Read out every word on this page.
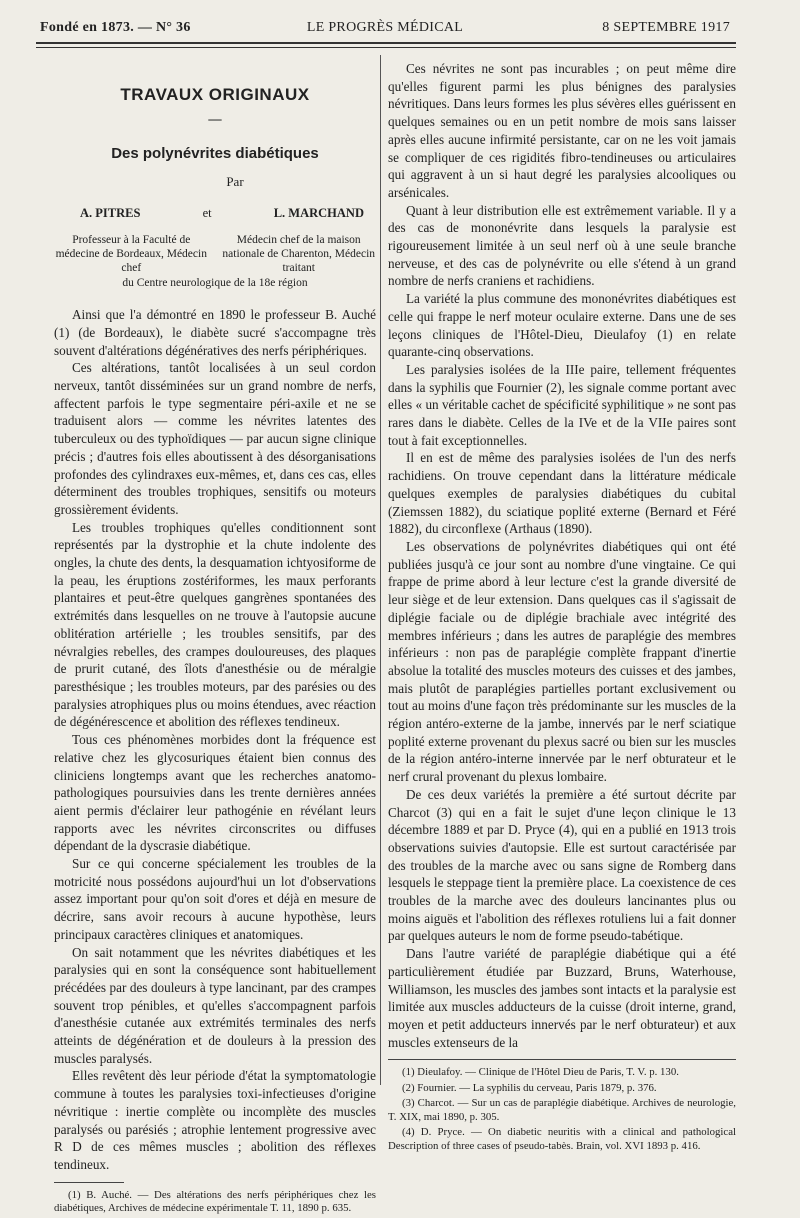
Fondé en 1873. — N° 36	LE PROGRÈS MÉDICAL	8 SEPTEMBRE 1917
TRAVAUX ORIGINAUX
—
Des polynévrites diabétiques
Par
A. PITRES	et	L. MARCHAND
Professeur à la Faculté de médecine de Bordeaux, Médecin chef
Médecin chef de la maison nationale de Charenton, Médecin traitant
du Centre neurologique de la 18e région

Ainsi que l'a démontré en 1890 le professeur B. Auché (1) (de Bordeaux), le diabète sucré s'accompagne très souvent d'altérations dégénératives des nerfs périphériques.

Ces altérations, tantôt localisées à un seul cordon nerveux, tantôt disséminées sur un grand nombre de nerfs, affectent parfois le type segmentaire péri-axile et ne se traduisent alors — comme les névrites latentes des tuberculeux ou des typhoïdiques — par aucun signe clinique précis ; d'autres fois elles aboutissent à des désorganisations profondes des cylindraxes eux-mêmes, et, dans ces cas, elles déterminent des troubles trophiques, sensitifs ou moteurs grossièrement évidents.

Les troubles trophiques qu'elles conditionnent sont représentés par la dystrophie et la chute indolente des ongles, la chute des dents, la desquamation ichtyosiforme de la peau, les éruptions zostériformes, les maux perforants plantaires et peut-être quelques gangrènes spontanées des extrémités dans lesquelles on ne trouve à l'autopsie aucune oblitération artérielle ; les troubles sensitifs, par des névralgies rebelles, des crampes douloureuses, des plaques de prurit cutané, des îlots d'anesthésie ou de méralgie paresthésique ; les troubles moteurs, par des parésies ou des paralysies atrophiques plus ou moins étendues, avec réaction de dégénérescence et abolition des réflexes tendineux.

Tous ces phénomènes morbides dont la fréquence est relative chez les glycosuriques étaient bien connus des cliniciens longtemps avant que les recherches anatomo-pathologiques poursuivies dans les trente dernières années aient permis d'éclairer leur pathogénie en révélant leurs rapports avec les névrites circonscrites ou diffuses dépendant de la dyscrasie diabétique.

Sur ce qui concerne spécialement les troubles de la motricité nous possédons aujourd'hui un lot d'observations assez important pour qu'on soit d'ores et déjà en mesure de décrire, sans avoir recours à aucune hypothèse, leurs principaux caractères cliniques et anatomiques.

On sait notamment que les névrites diabétiques et les paralysies qui en sont la conséquence sont habituellement précédées par des douleurs à type lancinant, par des crampes souvent trop pénibles, et qu'elles s'accompagnent parfois d'anesthésie cutanée aux extrémités terminales des nerfs atteints de dégénération et de douleurs à la pression des muscles paralysés.

Elles revêtent dès leur période d'état la symptomatologie commune à toutes les paralysies toxi-infectieuses d'origine névritique : inertie complète ou incomplète des muscles paralysés ou parésiés ; atrophie lentement progressive avec R D de ces mêmes muscles ; abolition des réflexes tendineux.

(1) B. Auché. — Des altérations des nerfs périphériques chez les diabétiques, Archives de médecine expérimentale T. 11, 1890 p. 635.

Ces névrites ne sont pas incurables ; on peut même dire qu'elles figurent parmi les plus bénignes des paralysies névritiques. Dans leurs formes les plus sévères elles guérissent en quelques semaines ou en un petit nombre de mois sans laisser après elles aucune infirmité persistante, car on ne les voit jamais se compliquer de ces rigidités fibro-tendineuses ou articulaires qui aggravent à un si haut degré les paralysies alcooliques ou arsénicales.

Quant à leur distribution elle est extrêmement variable. Il y a des cas de mononévrite dans lesquels la paralysie est rigoureusement limitée à un seul nerf où à une seule branche nerveuse, et des cas de polynévrite ou elle s'étend à un grand nombre de nerfs craniens et rachidiens.

La variété la plus commune des mononévrites diabétiques est celle qui frappe le nerf moteur oculaire externe. Dans une de ses leçons cliniques de l'Hôtel-Dieu, Dieulafoy (1) en relate quarante-cinq observations.

Les paralysies isolées de la IIIe paire, tellement fréquentes dans la syphilis que Fournier (2), les signale comme portant avec elles « un véritable cachet de spécificité syphilitique » ne sont pas rares dans le diabète. Celles de la IVe et de la VIIe paires sont tout à fait exceptionnelles.

Il en est de même des paralysies isolées de l'un des nerfs rachidiens. On trouve cependant dans la littérature médicale quelques exemples de paralysies diabétiques du cubital (Ziemssen 1882), du sciatique poplité externe (Bernard et Féré 1882), du circonflexe (Arthaus (1890).

Les observations de polynévrites diabétiques qui ont été publiées jusqu'à ce jour sont au nombre d'une vingtaine. Ce qui frappe de prime abord à leur lecture c'est la grande diversité de leur siège et de leur extension. Dans quelques cas il s'agissait de diplégie faciale ou de diplégie brachiale avec intégrité des membres inférieurs ; dans les autres de paraplégie des membres inférieurs : non pas de paraplégie complète frappant d'inertie absolue la totalité des muscles moteurs des cuisses et des jambes, mais plutôt de paraplégies partielles portant exclusivement ou tout au moins d'une façon très prédominante sur les muscles de la région antéro-externe de la jambe, innervés par le nerf sciatique poplité externe provenant du plexus sacré ou bien sur les muscles de la région antéro-interne innervée par le nerf obturateur et le nerf crural provenant du plexus lombaire.

De ces deux variétés la première a été surtout décrite par Charcot (3) qui en a fait le sujet d'une leçon clinique le 13 décembre 1889 et par D. Pryce (4), qui en a publié en 1913 trois observations suivies d'autopsie. Elle est surtout caractérisée par des troubles de la marche avec ou sans signe de Romberg dans lesquels le steppage tient la première place. La coexistence de ces troubles de la marche avec des douleurs lancinantes plus ou moins aiguës et l'abolition des réflexes rotuliens lui a fait donner par quelques auteurs le nom de forme pseudo-tabétique.

Dans l'autre variété de paraplégie diabétique qui a été particulièrement étudiée par Buzzard, Bruns, Waterhouse, Williamson, les muscles des jambes sont intacts et la paralysie est limitée aux muscles adducteurs de la cuisse (droit interne, grand, moyen et petit adducteurs innervés par le nerf obturateur) et aux muscles extenseurs de la

(1) Dieulafoy. — Clinique de l'Hôtel Dieu de Paris, T. V. p. 130.

(2) Fournier. — La syphilis du cerveau, Paris 1879, p. 376.

(3) Charcot. — Sur un cas de paraplégie diabétique. Archives de neurologie, T. XIX, mai 1890, p. 305.

(4) D. Pryce. — On diabetic neuritis with a clinical and pathological Description of three cases of pseudo-tabès. Brain, vol. XVI 1893 p. 416.
